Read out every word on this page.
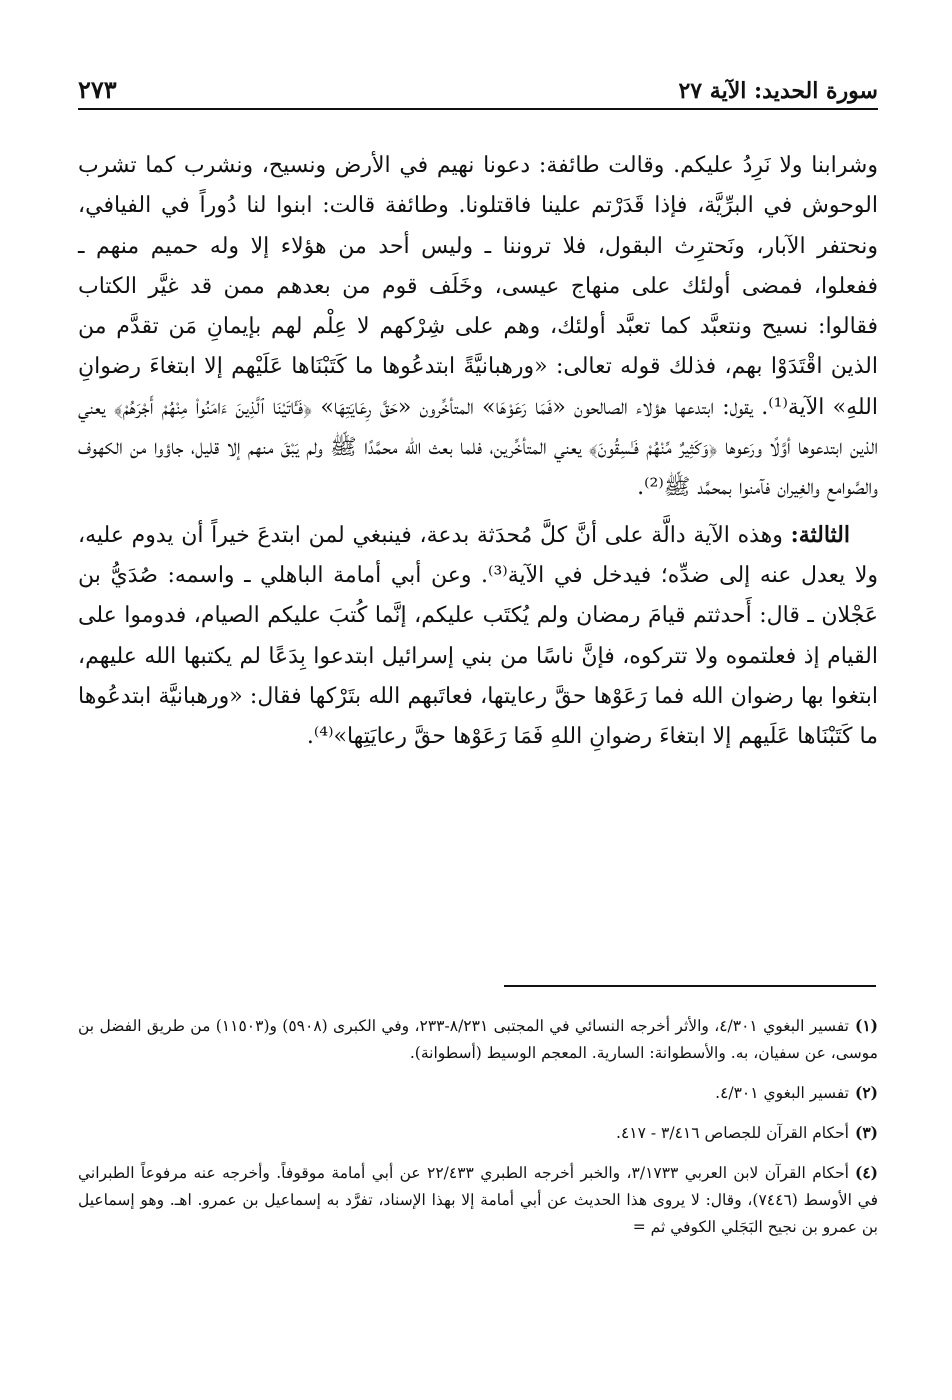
سورة الحديد: الآية ٢٧
٢٧٣

وشرابنا ولا نَرِدُ عليكم. وقالت طائفة: دعونا نهيم في الأرض ونسيح، ونشرب كما تشرب الوحوش في البرِّيَّة، فإذا قَدَرْتم علينا فاقتلونا. وطائفة قالت: ابنوا لنا دُوراً في الفيافي، ونحتفر الآبار، ونَحترِث البقول، فلا تروننا ـ وليس أحد من هؤلاء إلا وله حميم منهم ـ ففعلوا، فمضى أولئك على منهاج عيسى، وخَلَف قوم من بعدهم ممن قد غيَّر الكتاب فقالوا: نسيح ونتعبَّد كما تعبَّد أولئك، وهم على شِرْكهم لا عِلْم لهم بإيمانِ مَن تقدَّم من الذين اقْتَدَوْا بهم، فذلك قوله تعالى: «ورهبانيَّةً ابتدعُوها ما كَتَبْنَاها عَلَيْهم إلا ابتغاءَ رضوانِ اللهِ» الآية⁽¹⁾. يقول: ابتدعها هؤلاء الصالحون «فَمَا رَعَوْهَا» المتأخِّرون «حَقَّ رِعَايَتِهَا» ﴿فَـَٔاتَيْنَا ٱلَّذِينَ ءَامَنُوا۟ مِنْهُمْ أَجْرَهُمْ﴾ يعني الذين ابتدعوها أوَّلًا ورَعوها ﴿وَكَثِيرٌ مِّنْهُمْ فَـٰسِقُونَ﴾ يعني المتأخِّرين، فلما بعث الله محمَّدًا ﷺ ولم يَبْقَ منهم إلا قليل، جاؤوا من الكهوف والصَّوامع والغِيران فآمنوا بمحمَّد ﷺ⁽²⁾.

الثالثة: وهذه الآية دالَّة على أنَّ كلَّ مُحدَثة بدعة، فينبغي لمن ابتدعَ خيراً أن يدوم عليه، ولا يعدل عنه إلى ضدِّه؛ فيدخل في الآية⁽³⁾. وعن أبي أمامة الباهلي ـ واسمه: صُدَيُّ بن عَجْلان ـ قال: أَحدثتم قيامَ رمضان ولم يُكتَب عليكم، إنَّما كُتبَ عليكم الصيام، فدوموا على القيام إذ فعلتموه ولا تتركوه، فإنَّ ناسًا من بني إسرائيل ابتدعوا بِدَعًا لم يكتبها الله عليهم، ابتغوا بها رضوان الله فما رَعَوْها حقَّ رعايتها، فعاتَبهم الله بتَرْكها فقال: «ورهبانيَّة ابتدعُوها ما كَتَبْنَاها عَلَيهم إلا ابتغاءَ رضوانِ اللهِ فَمَا رَعَوْها حقَّ رعايَتِها»⁽⁴⁾.

(١)تفسير البغوي ٤/٣٠١، والأثر أخرجه النسائي في المجتبى ٨/٢٣١-٢٣٣، وفي الكبرى (٥٩٠٨) و(١١٥٠٣) من طريق الفضل بن موسى، عن سفيان، به. والأسطوانة: السارية. المعجم الوسيط (أسطوانة).

(٢)تفسير البغوي ٤/٣٠١.

(٣)أحكام القرآن للجصاص ٣/٤١٦ - ٤١٧.

(٤)أحكام القرآن لابن العربي ٣/١٧٣٣، والخبر أخرجه الطبري ٢٢/٤٣٣ عن أبي أمامة موقوفاً. وأخرجه عنه مرفوعاً الطبراني في الأوسط (٧٤٤٦)، وقال: لا يروى هذا الحديث عن أبي أمامة إلا بهذا الإسناد، تفرَّد به إسماعيل بن عمرو. اهـ. وهو إسماعيل بن عمرو بن نجيح البَجَلي الكوفي ثم =
